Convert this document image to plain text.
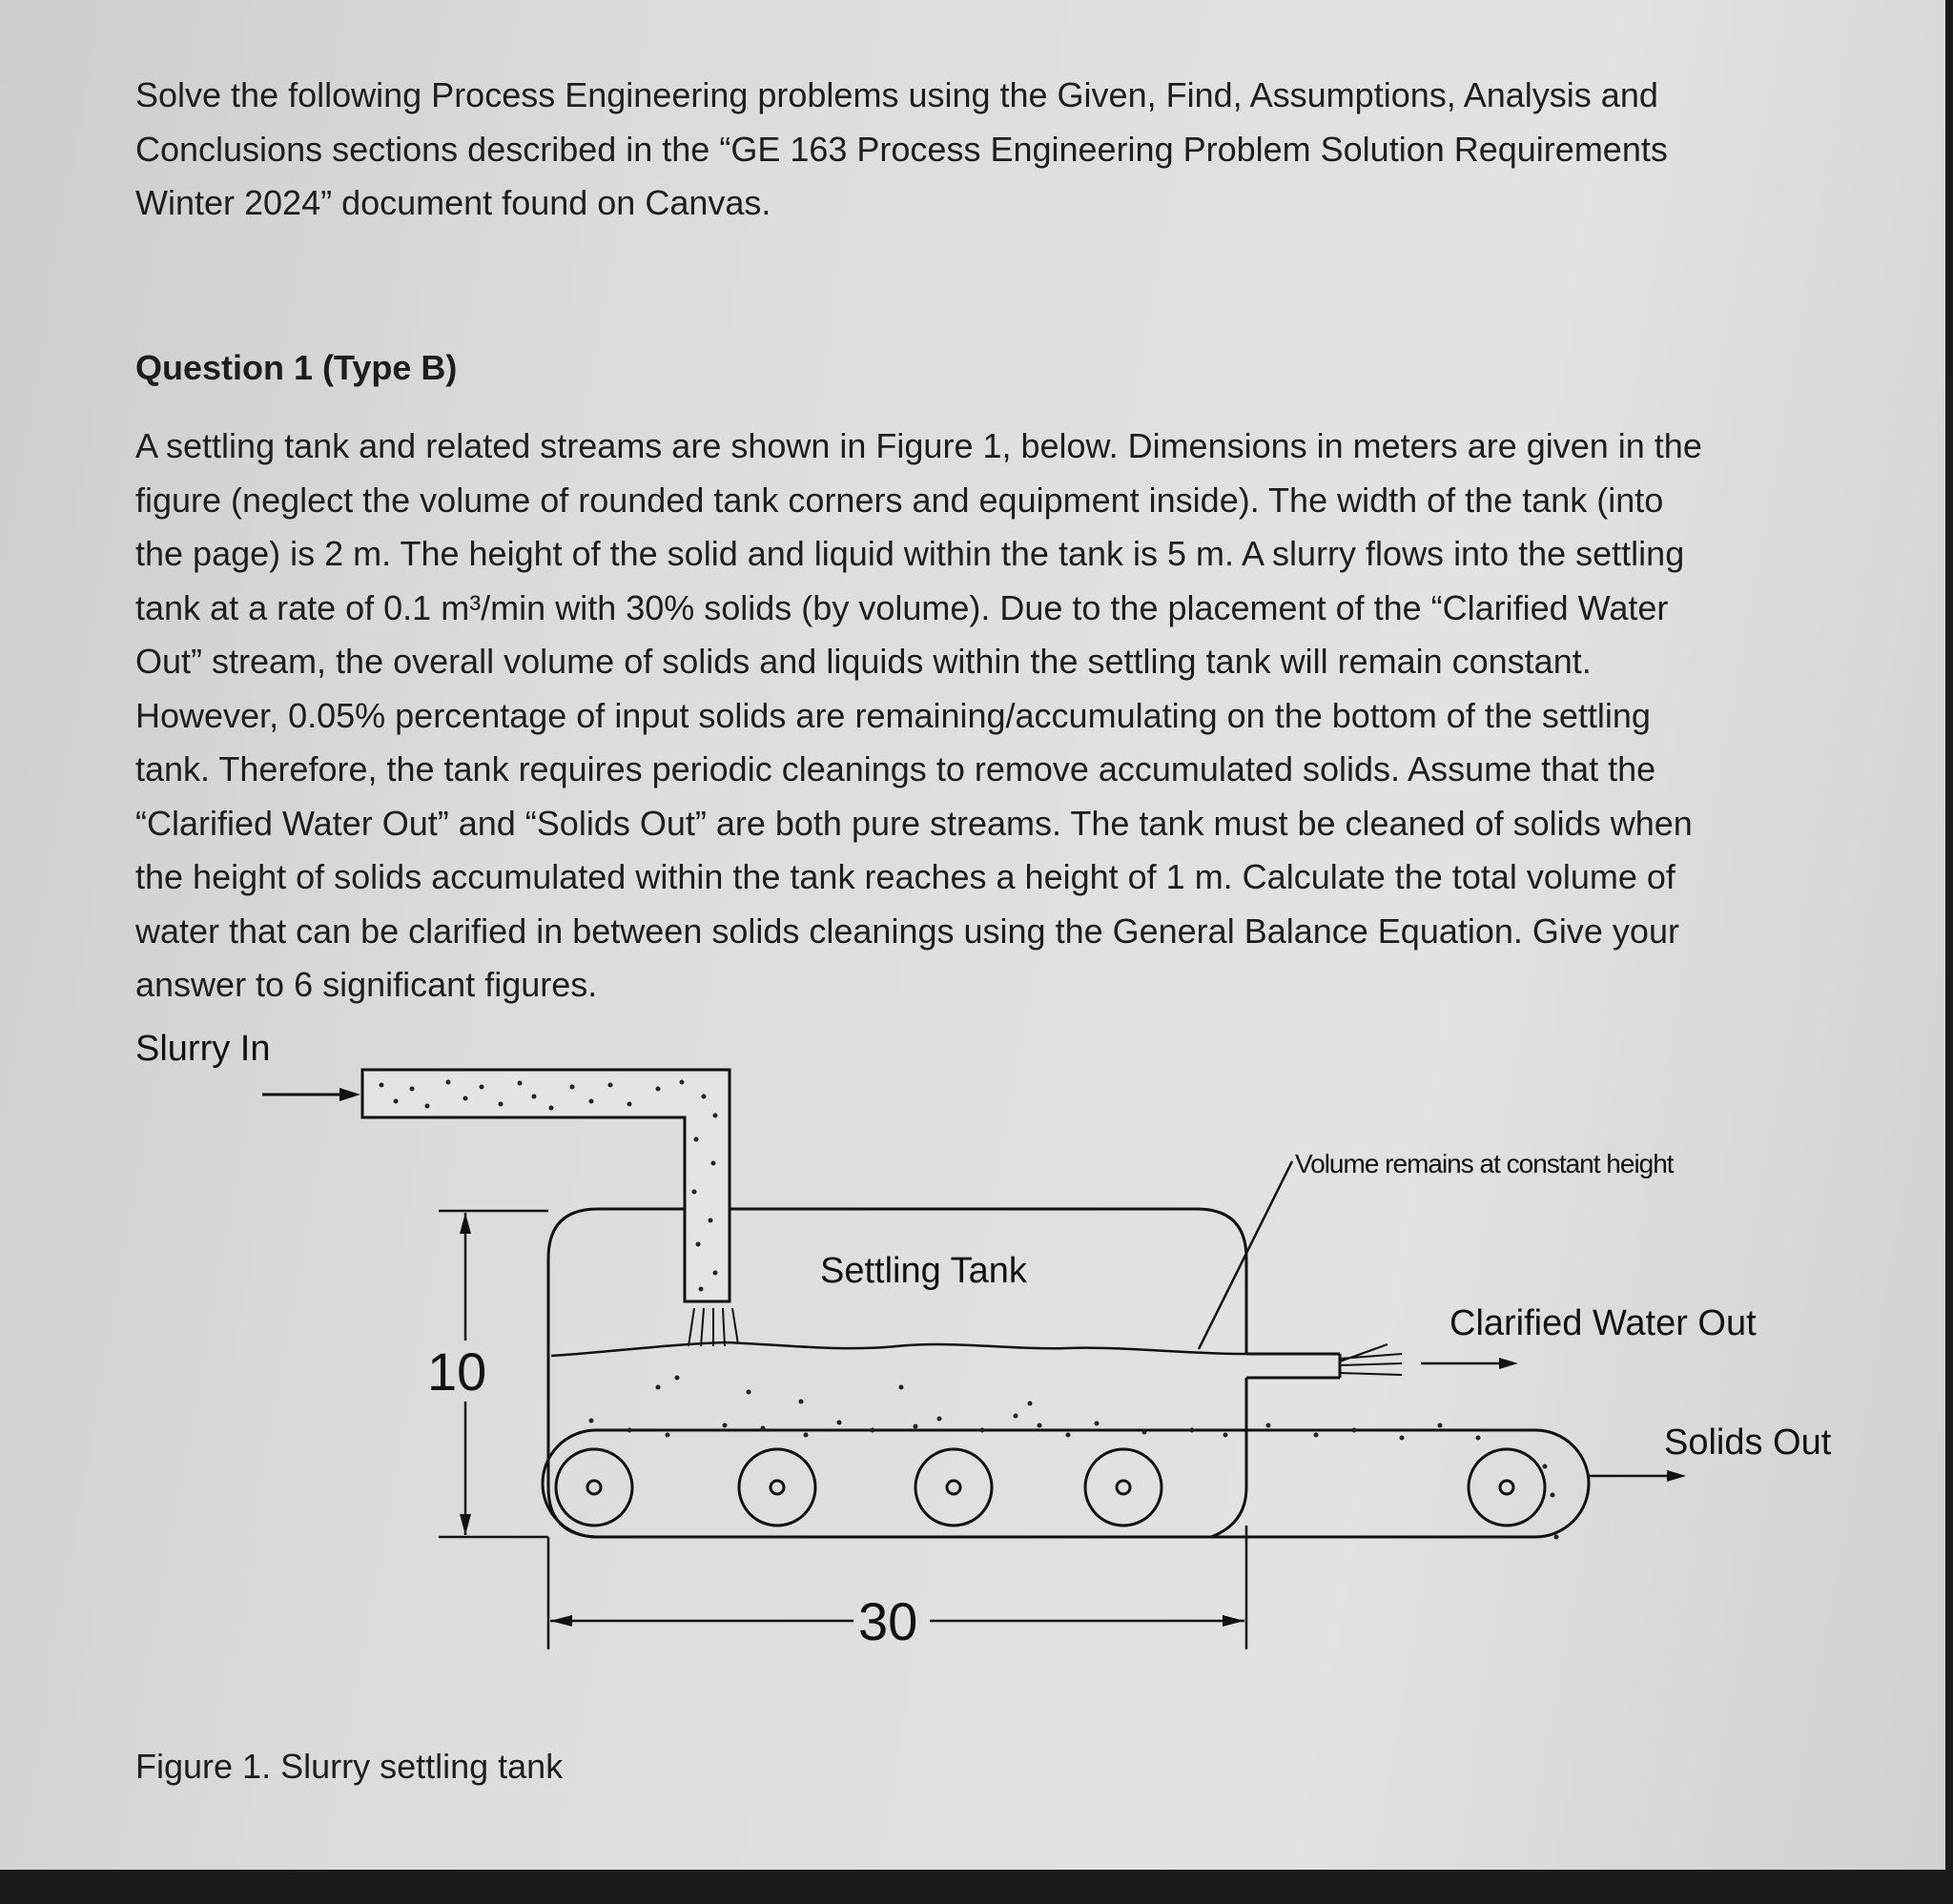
Solve the following Process Engineering problems using the Given, Find, Assumptions, Analysis and
Conclusions sections described in the “GE 163 Process Engineering Problem Solution Requirements
Winter 2024” document found on Canvas.
Question 1 (Type B)
A settling tank and related streams are shown in Figure 1, below. Dimensions in meters are given in the
figure (neglect the volume of rounded tank corners and equipment inside). The width of the tank (into
the page) is 2 m. The height of the solid and liquid within the tank is 5 m. A slurry flows into the settling
tank at a rate of 0.1 m³/min with 30% solids (by volume). Due to the placement of the “Clarified Water
Out” stream, the overall volume of solids and liquids within the settling tank will remain constant.
However, 0.05% percentage of input solids are remaining/accumulating on the bottom of the settling
tank. Therefore, the tank requires periodic cleanings to remove accumulated solids. Assume that the
“Clarified Water Out” and “Solids Out” are both pure streams. The tank must be cleaned of solids when
the height of solids accumulated within the tank reaches a height of 1 m. Calculate the total volume of
water that can be clarified in between solids cleanings using the General Balance Equation. Give your
answer to 6 significant figures.
Slurry In
Volume remains at constant height
Settling Tank
Clarified Water Out
Solids Out
10
30
Figure 1. Slurry settling tank
